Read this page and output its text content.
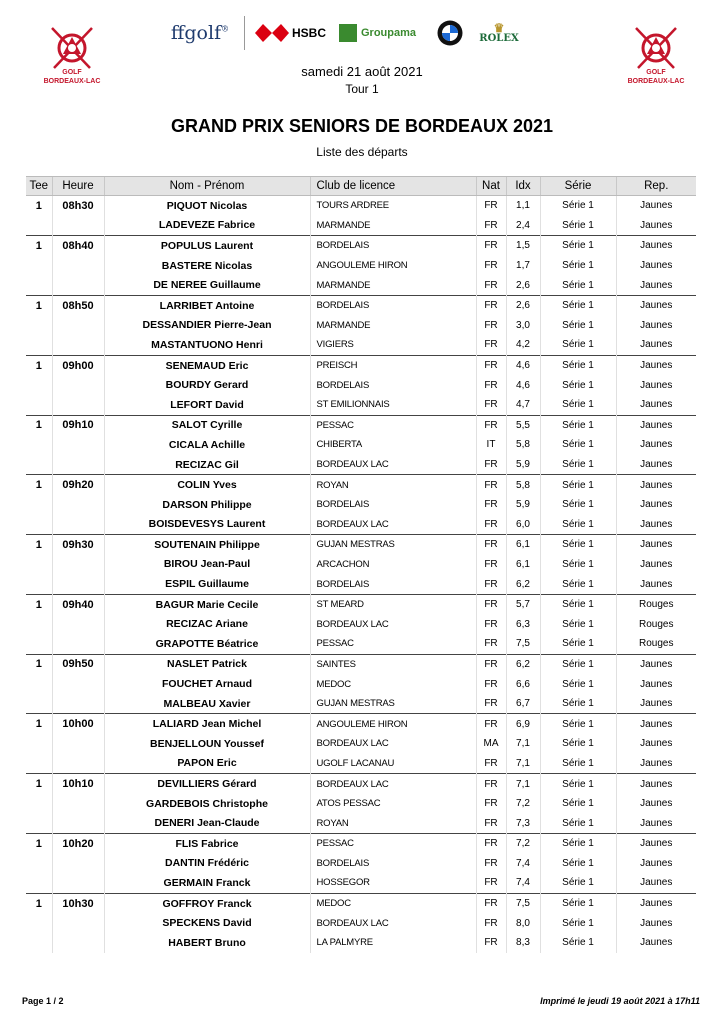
GOLF
BORDEAUX-LAC
ffgolf®	HSBC	Groupama	♛
ROLEX
GOLF
BORDEAUX-LAC
samedi 21 août 2021
Tour 1
GRAND PRIX SENIORS DE BORDEAUX 2021
Liste des départs
Tee	Heure	Nom - Prénom	Club de licence	Nat	Idx	Série	Rep.
1	08h30	PIQUOT Nicolas	TOURS ARDREE	FR	1,1	Série 1	Jaunes
		LADEVEZE Fabrice	MARMANDE	FR	2,4	Série 1	Jaunes
1	08h40	POPULUS Laurent	BORDELAIS	FR	1,5	Série 1	Jaunes
		BASTERE Nicolas	ANGOULEME HIRON	FR	1,7	Série 1	Jaunes
		DE NEREE Guillaume	MARMANDE	FR	2,6	Série 1	Jaunes
1	08h50	LARRIBET Antoine	BORDELAIS	FR	2,6	Série 1	Jaunes
		DESSANDIER Pierre-Jean	MARMANDE	FR	3,0	Série 1	Jaunes
		MASTANTUONO Henri	VIGIERS	FR	4,2	Série 1	Jaunes
1	09h00	SENEMAUD Eric	PREISCH	FR	4,6	Série 1	Jaunes
		BOURDY Gerard	BORDELAIS	FR	4,6	Série 1	Jaunes
		LEFORT David	ST EMILIONNAIS	FR	4,7	Série 1	Jaunes
1	09h10	SALOT Cyrille	PESSAC	FR	5,5	Série 1	Jaunes
		CICALA Achille	CHIBERTA	IT	5,8	Série 1	Jaunes
		RECIZAC Gil	BORDEAUX LAC	FR	5,9	Série 1	Jaunes
1	09h20	COLIN Yves	ROYAN	FR	5,8	Série 1	Jaunes
		DARSON Philippe	BORDELAIS	FR	5,9	Série 1	Jaunes
		BOISDEVESYS Laurent	BORDEAUX LAC	FR	6,0	Série 1	Jaunes
1	09h30	SOUTENAIN Philippe	GUJAN MESTRAS	FR	6,1	Série 1	Jaunes
		BIROU Jean-Paul	ARCACHON	FR	6,1	Série 1	Jaunes
		ESPIL Guillaume	BORDELAIS	FR	6,2	Série 1	Jaunes
1	09h40	BAGUR Marie Cecile	ST MEARD	FR	5,7	Série 1	Rouges
		RECIZAC Ariane	BORDEAUX LAC	FR	6,3	Série 1	Rouges
		GRAPOTTE Béatrice	PESSAC	FR	7,5	Série 1	Rouges
1	09h50	NASLET Patrick	SAINTES	FR	6,2	Série 1	Jaunes
		FOUCHET Arnaud	MEDOC	FR	6,6	Série 1	Jaunes
		MALBEAU Xavier	GUJAN MESTRAS	FR	6,7	Série 1	Jaunes
1	10h00	LALIARD Jean Michel	ANGOULEME HIRON	FR	6,9	Série 1	Jaunes
		BENJELLOUN Youssef	BORDEAUX LAC	MA	7,1	Série 1	Jaunes
		PAPON Eric	UGOLF LACANAU	FR	7,1	Série 1	Jaunes
1	10h10	DEVILLIERS Gérard	BORDEAUX LAC	FR	7,1	Série 1	Jaunes
		GARDEBOIS Christophe	ATOS PESSAC	FR	7,2	Série 1	Jaunes
		DENERI Jean-Claude	ROYAN	FR	7,3	Série 1	Jaunes
1	10h20	FLIS Fabrice	PESSAC	FR	7,2	Série 1	Jaunes
		DANTIN Frédéric	BORDELAIS	FR	7,4	Série 1	Jaunes
		GERMAIN Franck	HOSSEGOR	FR	7,4	Série 1	Jaunes
1	10h30	GOFFROY Franck	MEDOC	FR	7,5	Série 1	Jaunes
		SPECKENS David	BORDEAUX LAC	FR	8,0	Série 1	Jaunes
		HABERT Bruno	LA PALMYRE	FR	8,3	Série 1	Jaunes
Page 1 / 2	Imprimé le jeudi 19 août 2021 à 17h11
